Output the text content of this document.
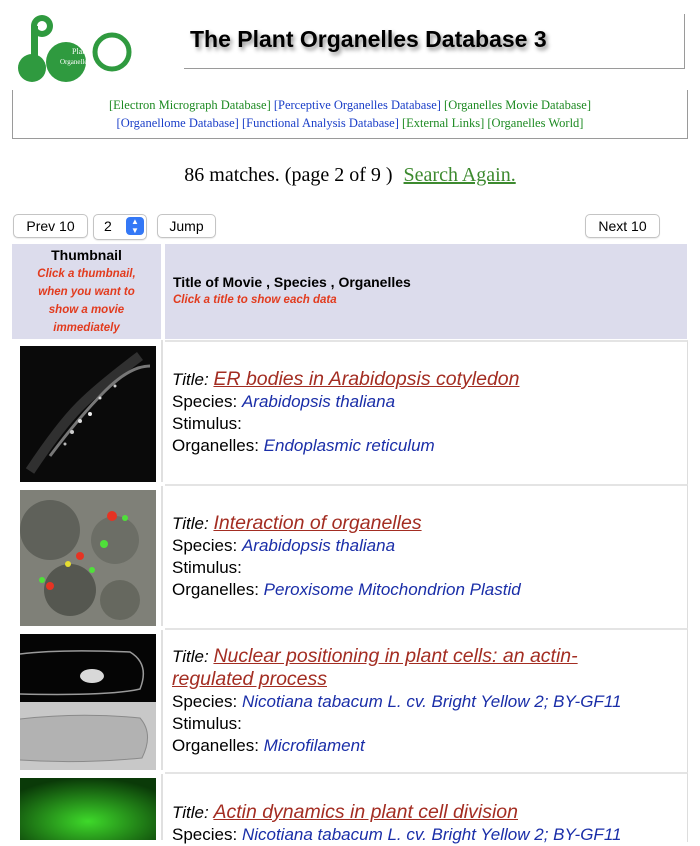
Plant
Organelles
The Plant Organelles Database 3
[Electron Micrograph Database] [Perceptive Organelles Database] [Organelles Movie Database]
[Organellome Database] [Functional Analysis Database] [External Links] [Organelles World]
86 matches. (page 2 of 9 ) Search Again.
Prev 10	2	▲
▼	Jump	Next 10
Thumbnail
Click a thumbnail,
when you want to
show a movie
immediately
Title of Movie , Species , Organelles
Click a title to show each data
Title: ER bodies in Arabidopsis cotyledon
Species: Arabidopsis thaliana
Stimulus:
Organelles: Endoplasmic reticulum
Title: Interaction of organelles
Species: Arabidopsis thaliana
Stimulus:
Organelles: Peroxisome Mitochondrion Plastid
Title: Nuclear positioning in plant cells: an actin-
regulated process
Species: Nicotiana tabacum L. cv. Bright Yellow 2; BY-GF11
Stimulus:
Organelles: Microfilament
Title: Actin dynamics in plant cell division
Species: Nicotiana tabacum L. cv. Bright Yellow 2; BY-GF11
